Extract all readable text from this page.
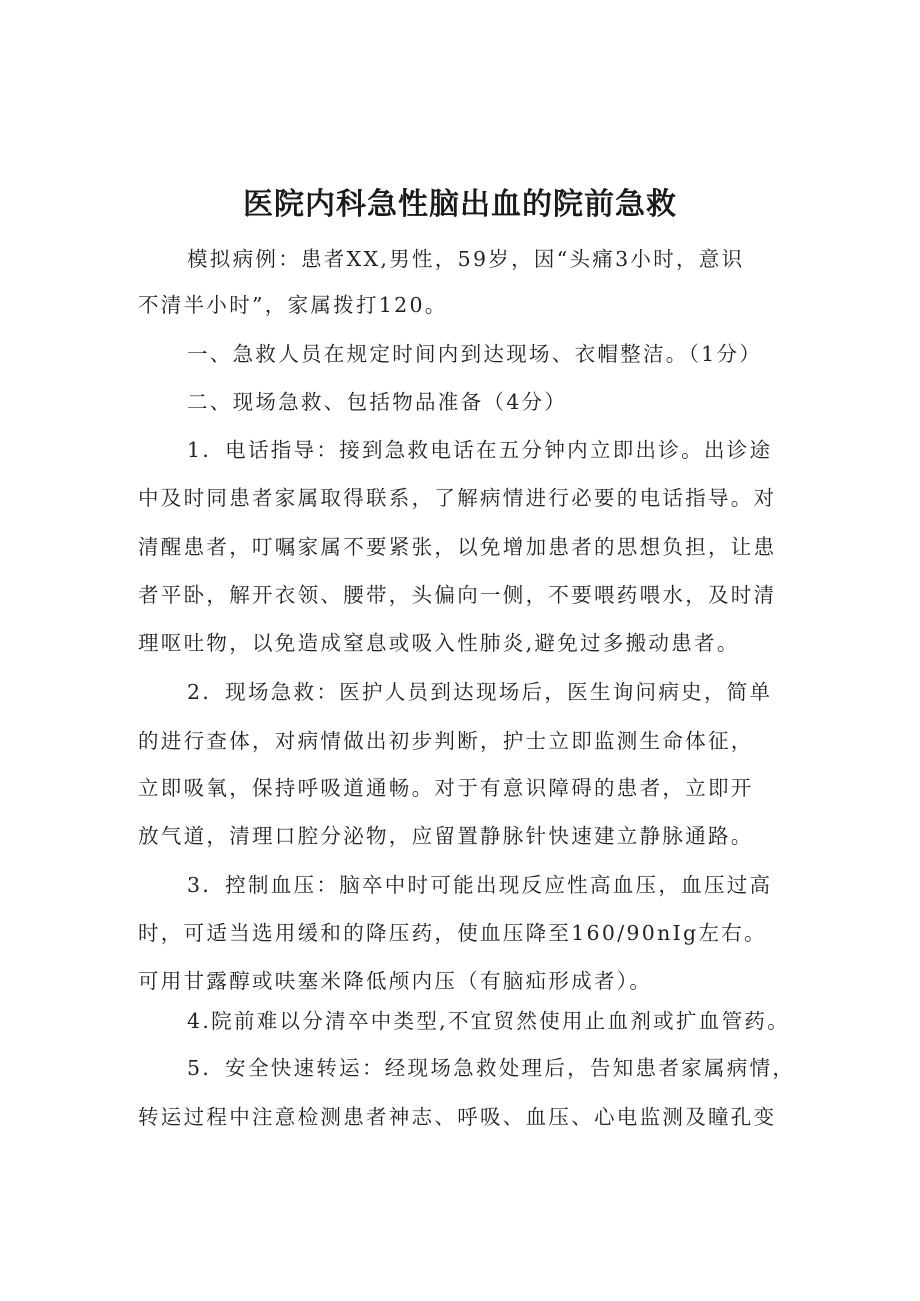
医院内科急性脑出血的院前急救

模拟病例：患者XX,男性，59岁，因“头痛3小时，意识

不清半小时”，家属拨打120。

一、急救人员在规定时间内到达现场、衣帽整洁。（1分）

二、现场急救、包括物品准备（4分）

1．电话指导：接到急救电话在五分钟内立即出诊。出诊途

中及时同患者家属取得联系，了解病情进行必要的电话指导。对

清醒患者，叮嘱家属不要紧张，以免增加患者的思想负担，让患

者平卧，解开衣领、腰带，头偏向一侧，不要喂药喂水，及时清

理呕吐物，以免造成窒息或吸入性肺炎,避免过多搬动患者。

2．现场急救：医护人员到达现场后，医生询问病史，简单

的进行查体，对病情做出初步判断，护士立即监测生命体征，

立即吸氧，保持呼吸道通畅。对于有意识障碍的患者，立即开

放气道，清理口腔分泌物，应留置静脉针快速建立静脉通路。

3．控制血压：脑卒中时可能出现反应性高血压，血压过高

时，可适当选用缓和的降压药，使血压降至160/90nIg左右。

可用甘露醇或呋塞米降低颅内压（有脑疝形成者）。

4.院前难以分清卒中类型,不宜贸然使用止血剂或扩血管药。

5．安全快速转运：经现场急救处理后，告知患者家属病情，

转运过程中注意检测患者神志、呼吸、血压、心电监测及瞳孔变
